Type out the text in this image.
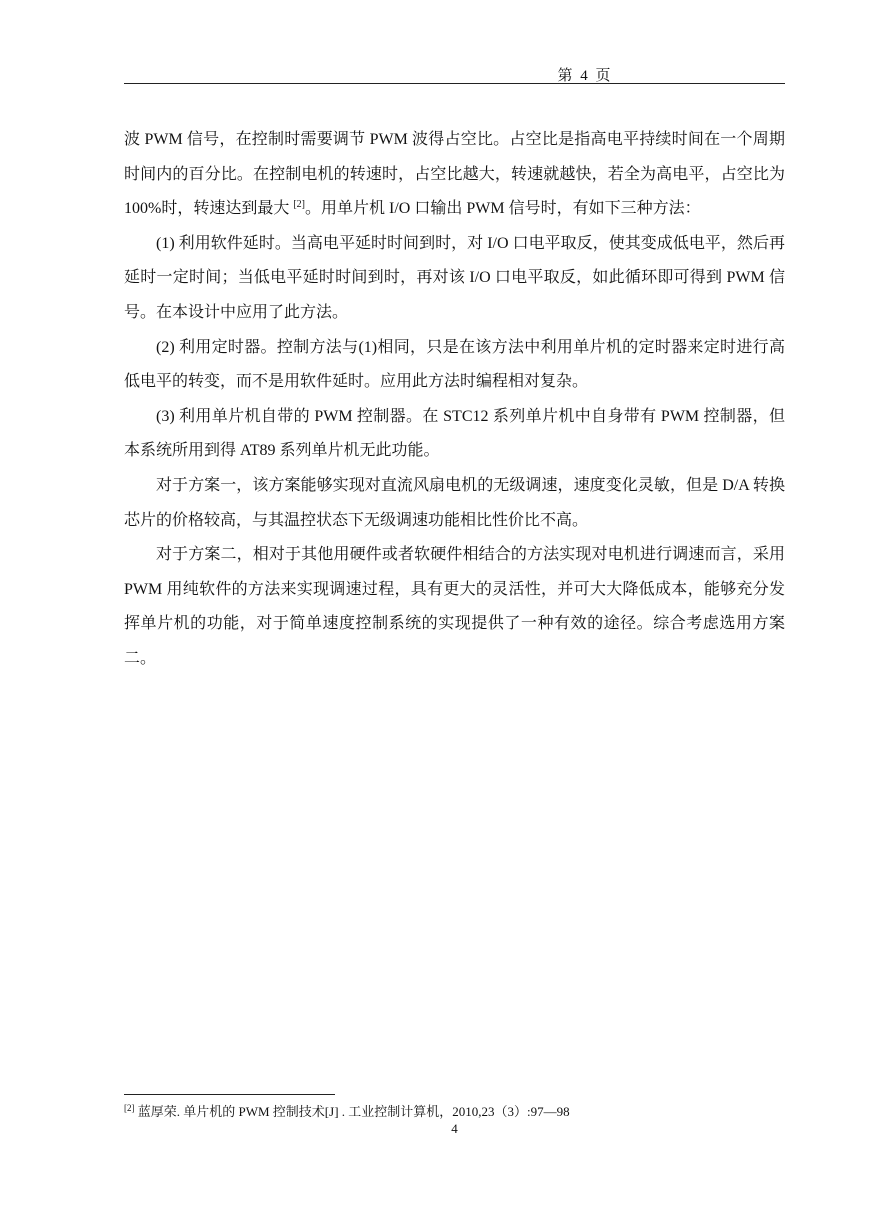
第 4 页

波 PWM 信号，在控制时需要调节 PWM 波得占空比。占空比是指高电平持续时间在一个周期时间内的百分比。在控制电机的转速时，占空比越大，转速就越快，若全为高电平，占空比为 100%时，转速达到最大 [2]。用单片机 I/O 口输出 PWM 信号时，有如下三种方法：

(1) 利用软件延时。当高电平延时时间到时，对 I/O 口电平取反，使其变成低电平，然后再延时一定时间；当低电平延时时间到时，再对该 I/O 口电平取反，如此循环即可得到 PWM 信号。在本设计中应用了此方法。

(2) 利用定时器。控制方法与(1)相同，只是在该方法中利用单片机的定时器来定时进行高低电平的转变，而不是用软件延时。应用此方法时编程相对复杂。

(3) 利用单片机自带的 PWM 控制器。在 STC12 系列单片机中自身带有 PWM 控制器，但本系统所用到得 AT89 系列单片机无此功能。

对于方案一，该方案能够实现对直流风扇电机的无级调速，速度变化灵敏，但是 D/A 转换芯片的价格较高，与其温控状态下无级调速功能相比性价比不高。

对于方案二，相对于其他用硬件或者软硬件相结合的方法实现对电机进行调速而言，采用 PWM 用纯软件的方法来实现调速过程，具有更大的灵活性，并可大大降低成本，能够充分发挥单片机的功能，对于简单速度控制系统的实现提供了一种有效的途径。综合考虑选用方案二。

[2] 蓝厚荣. 单片机的 PWM 控制技术[J] . 工业控制计算机，2010,23（3）:97—98
4
